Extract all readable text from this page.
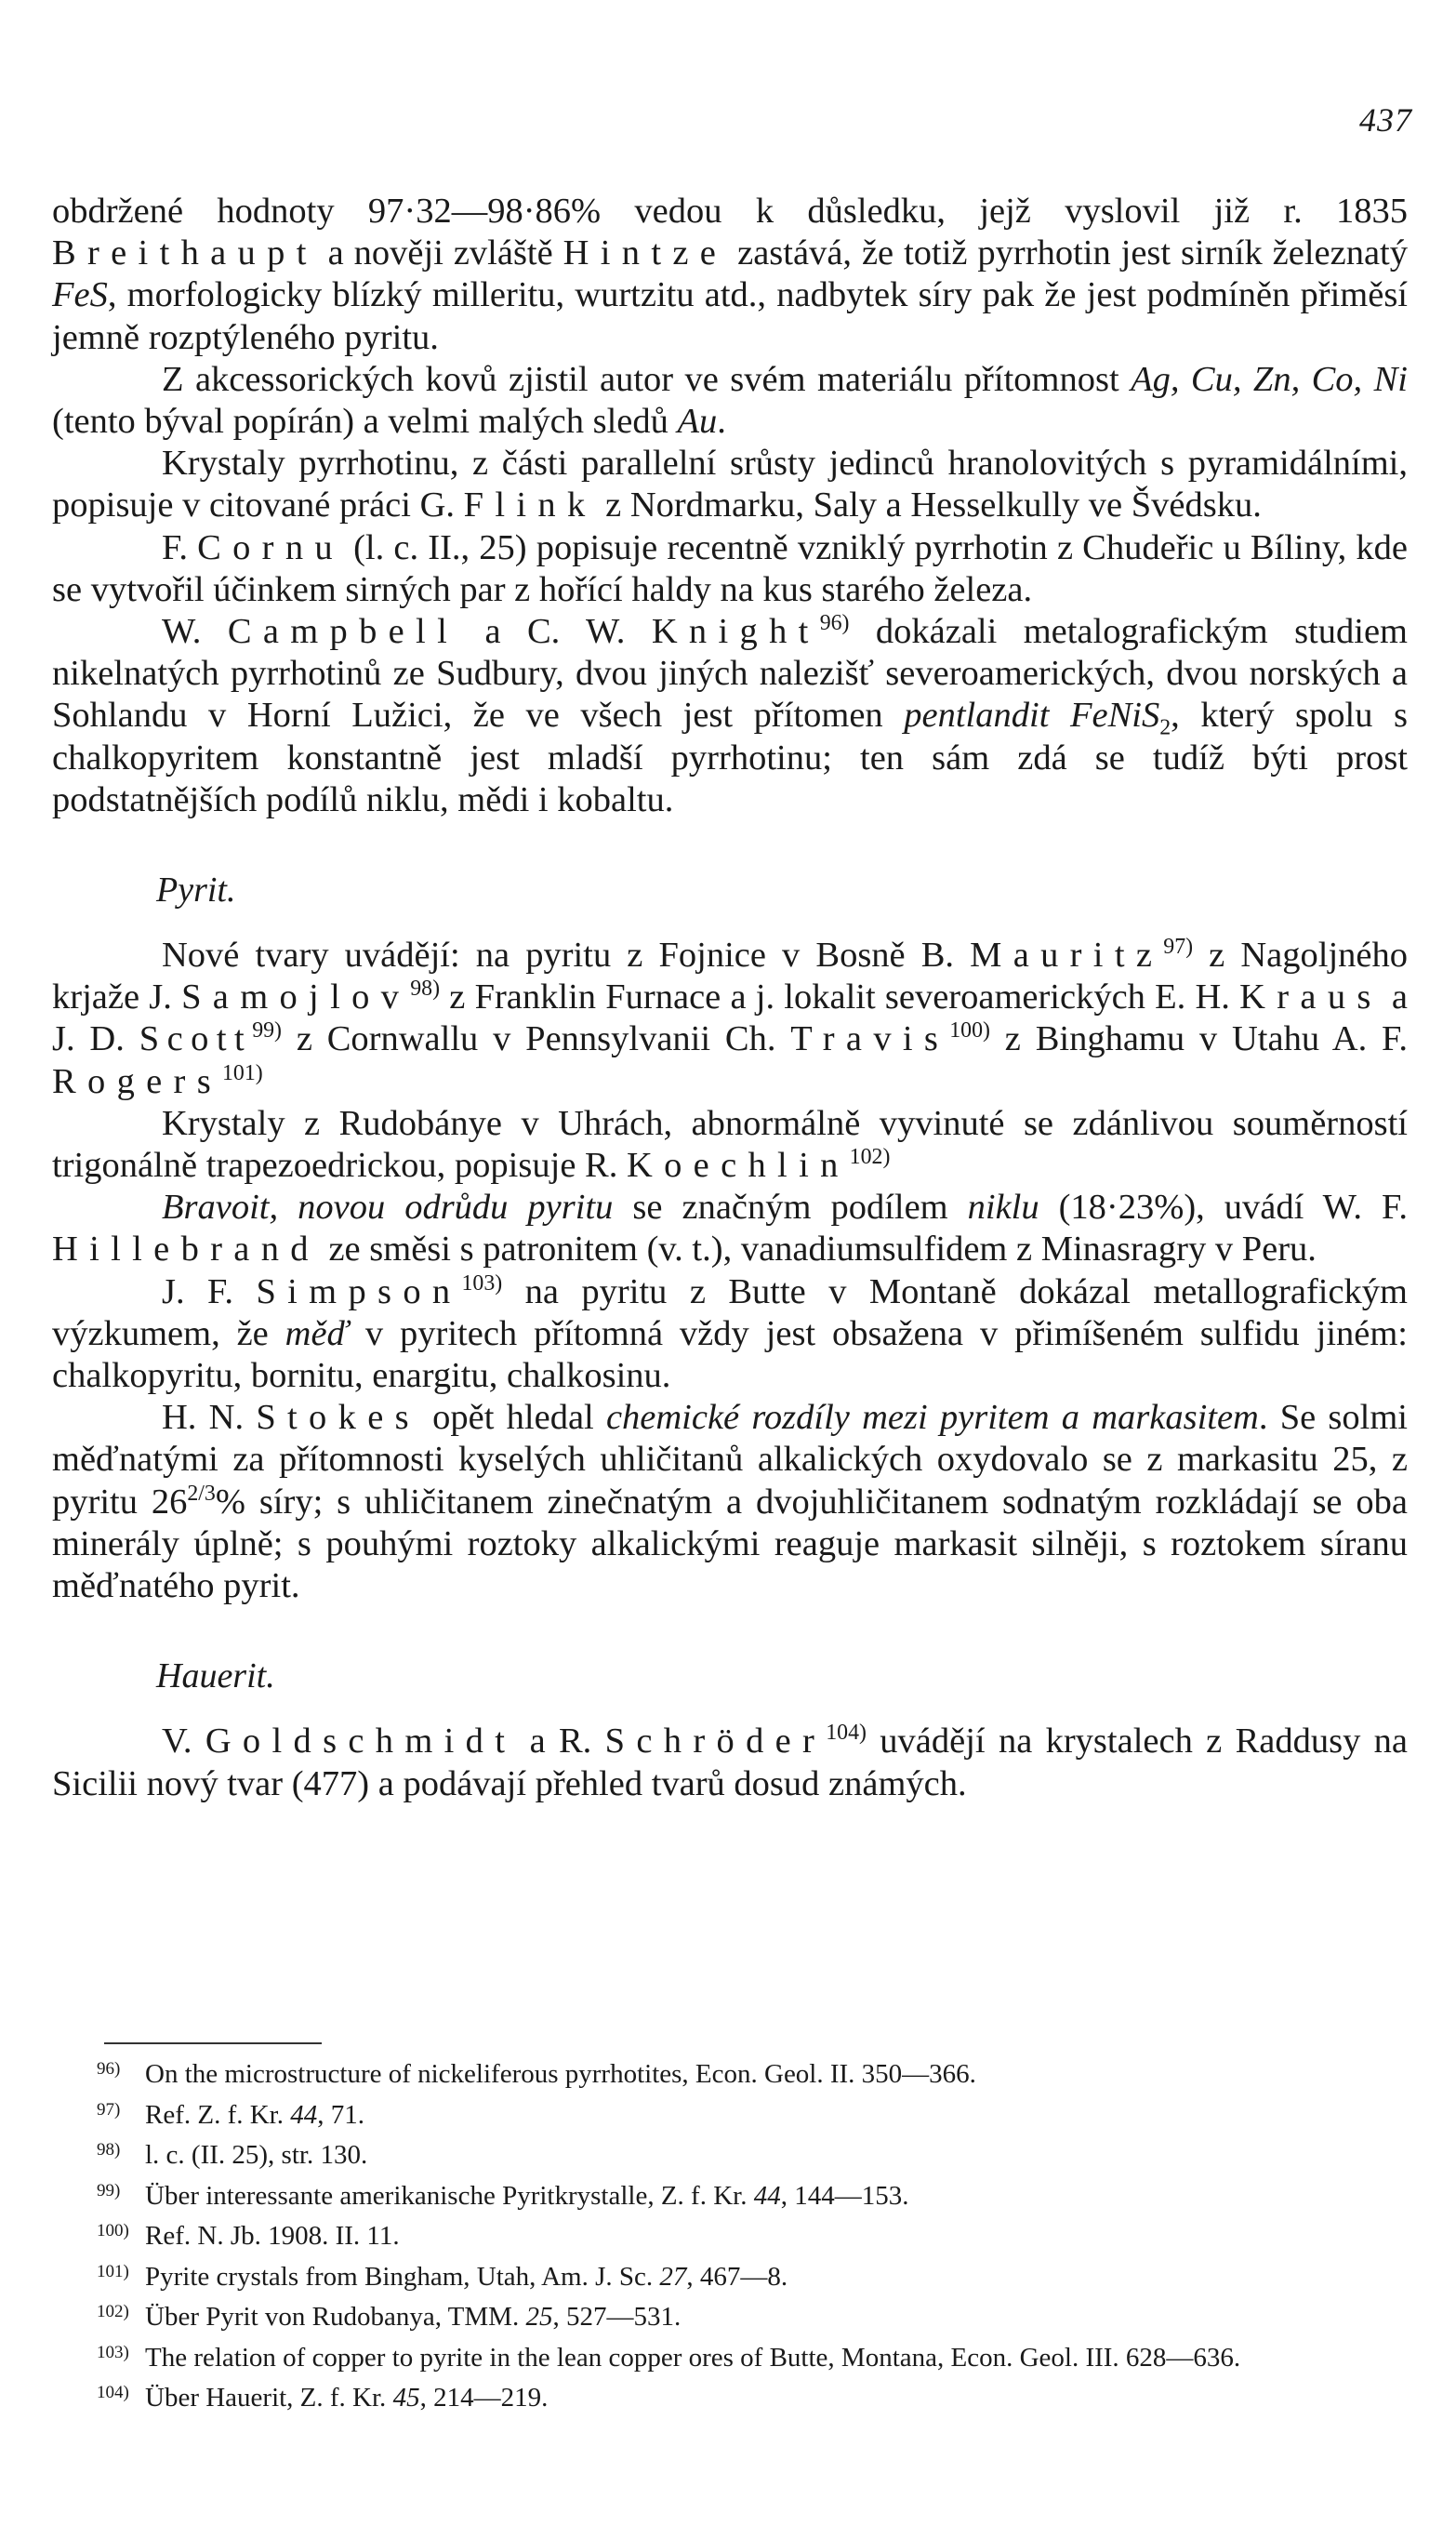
437

obdržené hodnoty 97·32—98·86% vedou k důsledku, jejž vyslovil již r. 1835 Breithaupt a nověji zvláště Hintze zastává, že totiž pyrrhotin jest sirník železnatý FeS, morfologicky blízký milleritu, wurtzitu atd., nadbytek síry pak že jest podmíněn přiměsí jemně rozptýleného pyritu.

Z akcessorických kovů zjistil autor ve svém materiálu přítomnost Ag, Cu, Zn, Co, Ni (tento býval popírán) a velmi malých sledů Au.

Krystaly pyrrhotinu, z části parallelní srůsty jedinců hranolovitých s pyramidálními, popisuje v citované práci G. Flink z Nordmarku, Saly a Hesselkully ve Švédsku.

F. Cornu (l. c. II., 25) popisuje recentně vzniklý pyrrhotin z Chudeřic u Bíliny, kde se vytvořil účinkem sirných par z hořící haldy na kus starého železa.

W. Campbell a C. W. Knight$^{96)}$ dokázali metalografickým studiem nikelnatých pyrrhotinů ze Sudbury, dvou jiných nalezišť severoamerických, dvou norských a Sohlandu v Horní Lužici, že ve všech jest přítomen pentlandit FeNiS$_2$, který spolu s chalkopyritem konstantně jest mladší pyrrhotinu; ten sám zdá se tudíž býti prost podstatnějších podílů niklu, mědi i kobaltu.

Pyrit.

Nové tvary uvádějí: na pyritu z Fojnice v Bosně B. Mauritz$^{97)}$ z Nagoljného krjaže J. Samojlov$^{98)}$ z Franklin Furnace a j. lokalit severoamerických E. H. Kraus a J. D. Scott$^{99)}$ z Cornwallu v Pennsylvanii Ch. Travis$^{100)}$ z Binghamu v Utahu A. F. Rogers$^{101)}$

Krystaly z Rudobánye v Uhrách, abnormálně vyvinuté se zdánlivou souměrností trigonálně trapezoedrickou, popisuje R. Koechlin$^{102)}$

Bravoit, novou odrůdu pyritu se značným podílem niklu (18·23%), uvádí W. F. Hillebrand ze směsi s patronitem (v. t.), vanadiumsulfidem z Minasragry v Peru.

J. F. Simpson$^{103)}$ na pyritu z Butte v Montaně dokázal metallografickým výzkumem, že měď v pyritech přítomná vždy jest obsažena v přimíšeném sulfidu jiném: chalkopyritu, bornitu, enargitu, chalkosinu.

H. N. Stokes opět hledal chemické rozdíly mezi pyritem a markasitem. Se solmi měďnatými za přítomnosti kyselých uhličitanů alkalických oxydovalo se z markasitu 25, z pyritu $26^{2/3}\%$ síry; s uhličitanem zinečnatým a dvojuhličitanem sodnatým rozkládají se oba minerály úplně; s pouhými roztoky alkalickými reaguje markasit silněji, s roztokem síranu měďnatého pyrit.

Hauerit.

V. Goldschmidt a R. Schröder$^{104)}$ uvádějí na krystalech z Raddusy na Sicilii nový tvar (477) a podávají přehled tvarů dosud známých.

96) On the microstructure of nickeliferous pyrrhotites, Econ. Geol. II. 350—366.

97) Ref. Z. f. Kr. 44, 71.

98) l. c. (II. 25), str. 130.

99) Über interessante amerikanische Pyritkrystalle, Z. f. Kr. 44, 144—153.

100) Ref. N. Jb. 1908. II. 11.

101) Pyrite crystals from Bingham, Utah, Am. J. Sc. 27, 467—8.

102) Über Pyrit von Rudobanya, TMM. 25, 527—531.

103) The relation of copper to pyrite in the lean copper ores of Butte, Montana, Econ. Geol. III. 628—636.

104) Über Hauerit, Z. f. Kr. 45, 214—219.
